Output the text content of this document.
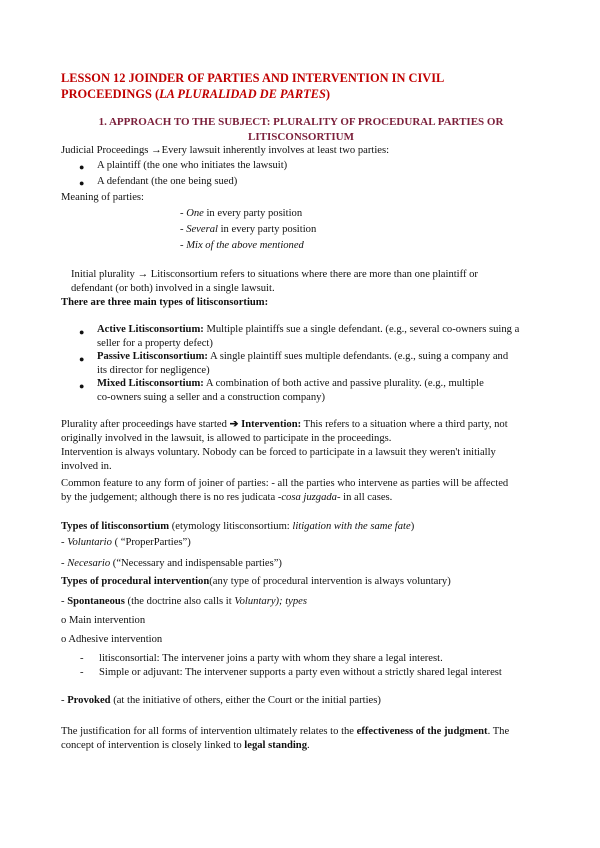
LESSON 12 JOINDER OF PARTIES AND INTERVENTION IN CIVIL
PROCEEDINGS (LA PLURALIDAD DE PARTES)
1. APPROACH TO THE SUBJECT: PLURALITY OF PROCEDURAL PARTIES OR
LITISCONSORTIUM
Judicial Proceedings →Every lawsuit inherently involves at least two parties:
● A plaintiff (the one who initiates the lawsuit)
● A defendant (the one being sued)
Meaning of parties:
- One in every party position
- Several in every party position
- Mix of the above mentioned
Initial plurality → Litisconsortium refers to situations where there are more than one plaintiff or
defendant (or both) involved in a single lawsuit.
There are three main types of litisconsortium:
● Active Litisconsortium: Multiple plaintiffs sue a single defendant. (e.g., several co-owners suing a
seller for a property defect)
● Passive Litisconsortium: A single plaintiff sues multiple defendants. (e.g., suing a company and
its director for negligence)
● Mixed Litisconsortium: A combination of both active and passive plurality. (e.g., multiple
co-owners suing a seller and a construction company)
Plurality after proceedings have started ➔ Intervention: This refers to a situation where a third party, not
originally involved in the lawsuit, is allowed to participate in the proceedings.
Intervention is always voluntary. Nobody can be forced to participate in a lawsuit they weren't initially
involved in.
Common feature to any form of joiner of parties: - all the parties who intervene as parties will be affected
by the judgement; although there is no res judicata -cosa juzgada- in all cases.
Types of litisconsortium (etymology litisconsortium: litigation with the same fate)
- Voluntario ( “ProperParties”)
- Necesario (“Necessary and indispensable parties”)
Types of procedural intervention(any type of procedural intervention is always voluntary)
- Spontaneous (the doctrine also calls it Voluntary); types
o Main intervention
o Adhesive intervention
- litisconsortial: The intervener joins a party with whom they share a legal interest.
- Simple or adjuvant: The intervener supports a party even without a strictly shared legal interest
- Provoked (at the initiative of others, either the Court or the initial parties)
The justification for all forms of intervention ultimately relates to the effectiveness of the judgment. The
concept of intervention is closely linked to legal standing.
